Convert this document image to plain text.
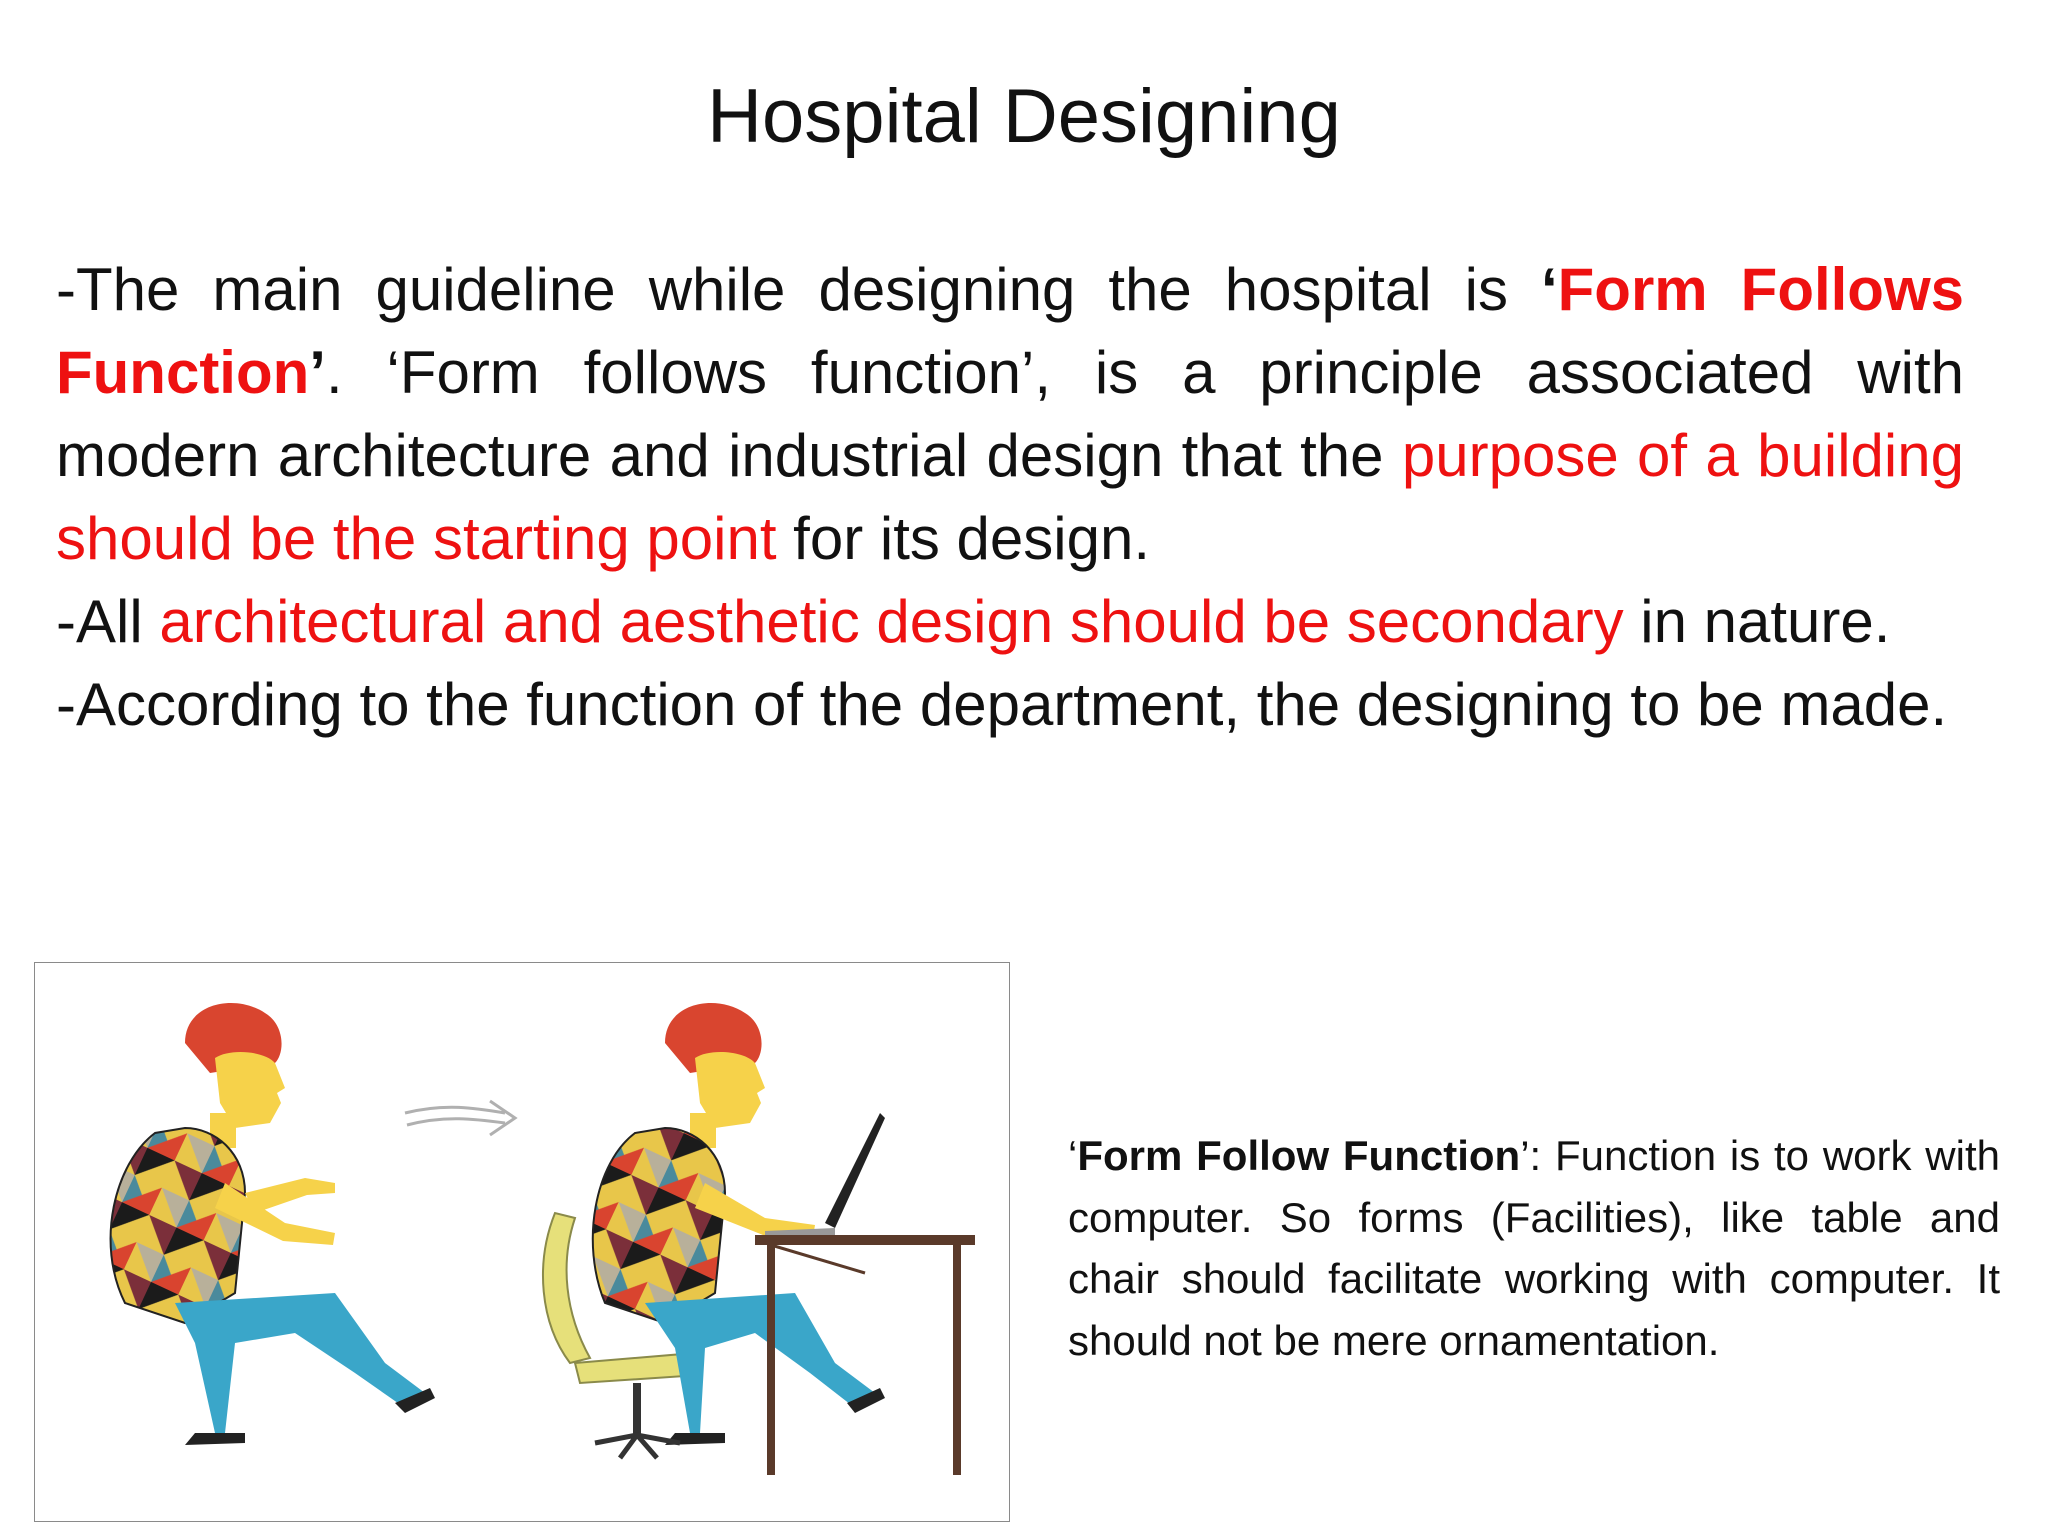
Hospital Designing

-The main guideline while designing the hospital is ‘Form Follows Function’. ‘Form follows function’, is a principle associated with modern architecture and industrial design that the purpose of a building should be the starting point for its design.

-All architectural and aesthetic design should be secondary in nature.

-According to the function of the department, the designing to be made.

‘Form Follow Function’: Function is to work with computer. So forms (Facilities), like table and chair should facilitate working with computer. It should not be mere ornamentation.
